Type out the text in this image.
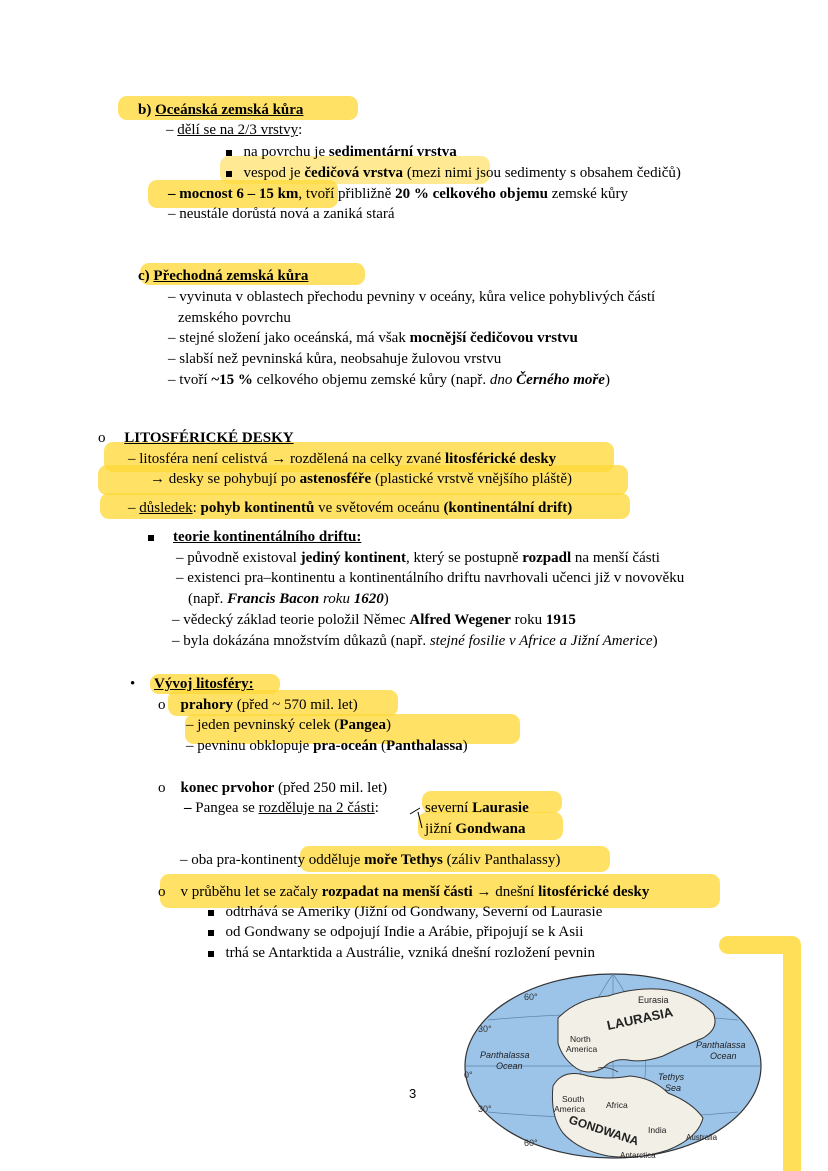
b) Oceánská zemská kůra
– dělí se na 2/3 vrstvy:
na povrchu je sedimentární vrstva
vespod je čedičová vrstva (mezi nimi jsou sedimenty s obsahem čedičů)
– mocnost 6 – 15 km, tvoří přibližně 20 % celkového objemu zemské kůry
– neustále dorůstá nová a zaniká stará
c) Přechodná zemská kůra
– vyvinuta v oblastech přechodu pevniny v oceány, kůra velice pohyblivých částí
zemského povrchu
– stejné složení jako oceánská, má však mocnější čedičovou vrstvu
– slabší než pevninská kůra, neobsahuje žulovou vrstvu
– tvoří ~15 % celkového objemu zemské kůry (např. dno Černého moře)
o LITOSFÉRICKÉ DESKY
– litosféra není celistvá → rozdělená na celky zvané litosférické desky
→ desky se pohybují po astenosféře (plastické vrstvě vnějšího pláště)
– důsledek: pohyb kontinentů ve světovém oceánu (kontinentální drift)
teorie kontinentálního driftu:
– původně existoval jediný kontinent, který se postupně rozpadl na menší části
– existenci pra–kontinentu a kontinentálního driftu navrhovali učenci již v novověku
(např. Francis Bacon roku 1620)
– vědecký základ teorie položil Němec Alfred Wegener roku 1915
– byla dokázána množstvím důkazů (např. stejné fosilie v Africe a Jižní Americe)
• Vývoj litosféry:
o prahory (před ~ 570 mil. let)
– jeden pevninský celek (Pangea)
– pevninu obklopuje pra-oceán (Panthalassa)
o konec prvohor (před 250 mil. let)
– Pangea se rozděluje na 2 části:	severní Laurasie
jižní Gondwana
– oba pra-kontinenty odděluje moře Tethys (záliv Panthalassy)
o v průběhu let se začaly rozpadat na menší části → dnešní litosférické desky
odtrhává se Ameriky (Jižní od Gondwany, Severní od Laurasie
od Gondwany se odpojují Indie a Arábie, připojují se k Asii
trhá se Antarktida a Austrálie, vzniká dnešní rozložení pevnin
60°
30°
0°
30°
60°
Eurasia
LAURASIA
North
America
Panthalassa
Ocean
Panthalassa
Ocean
Tethys
Sea
South
America Africa
GONDWANA India
Australia
Antarctica
3
